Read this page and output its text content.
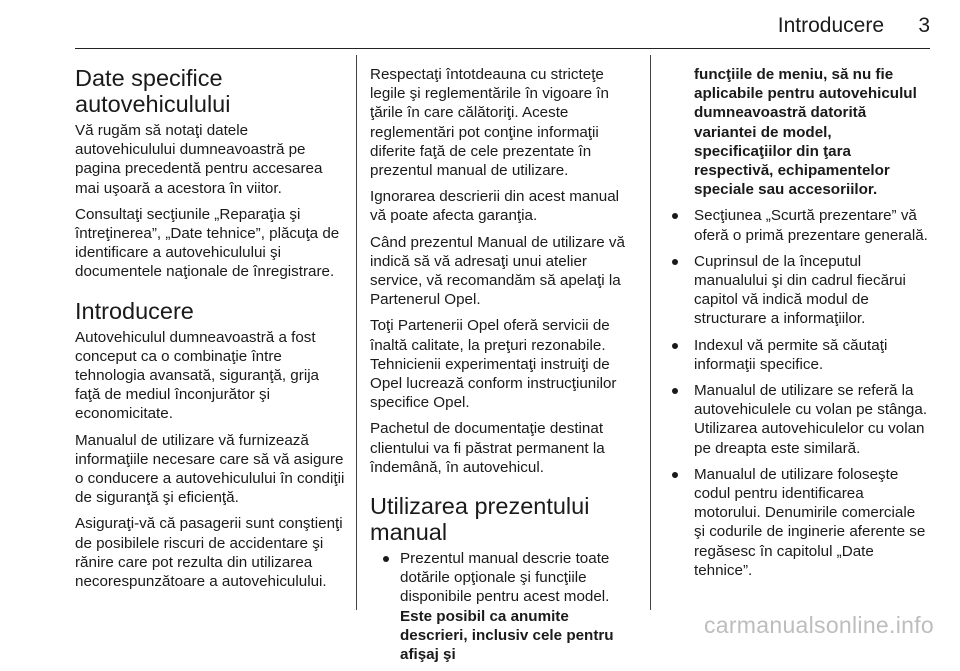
Introducere 3
Date specifice
autovehiculului

Vă rugăm să notaţi datele autovehiculului dumneavoastră pe pagina precedentă pentru accesarea mai uşoară a acestora în viitor.

Consultaţi secţiunile „Reparaţia şi întreţinerea”, „Date tehnice”, plăcuţa de identificare a autovehiculului şi documentele naţionale de înregistrare.

Introducere

Autovehiculul dumneavoastră a fost conceput ca o combinaţie între tehnologia avansată, siguranţă, grija faţă de mediul înconjurător şi economicitate.

Manualul de utilizare vă furnizează informaţiile necesare care să vă asigure o conducere a autovehiculului în condiţii de siguranţă şi eficienţă.

Asiguraţi-vă că pasagerii sunt conştienţi de posibilele riscuri de accidentare şi rănire care pot rezulta din utilizarea necorespunzătoare a autovehiculului.

Respectaţi întotdeauna cu stricteţe legile şi reglementările în vigoare în ţările în care călătoriţi. Aceste reglementări pot conţine informaţii diferite faţă de cele prezentate în prezentul manual de utilizare.

Ignorarea descrierii din acest manual vă poate afecta garanţia.

Când prezentul Manual de utilizare vă indică să vă adresaţi unui atelier service, vă recomandăm să apelaţi la Partenerul Opel.

Toţi Partenerii Opel oferă servicii de înaltă calitate, la preţuri rezonabile. Tehnicienii experimentaţi instruiţi de Opel lucrează conform instrucţiunilor specifice Opel.

Pachetul de documentaţie destinat clientului va fi păstrat permanent la îndemână, în autovehicul.

Utilizarea prezentului
manual
Prezentul manual descrie toate dotările opţionale şi funcţiile disponibile pentru acest model. Este posibil ca anumite descrieri, inclusiv cele pentru afişaj şi
funcţiile de meniu, să nu fie aplicabile pentru autovehiculul dumneavoastră datorită variantei de model, specificaţiilor din ţara respectivă, echipamentelor speciale sau accesoriilor.
Secţiunea „Scurtă prezentare” vă oferă o primă prezentare generală.
Cuprinsul de la începutul manualului şi din cadrul fiecărui capitol vă indică modul de structurare a informaţiilor.
Indexul vă permite să căutaţi informaţii specifice.
Manualul de utilizare se referă la autovehiculele cu volan pe stânga. Utilizarea autovehiculelor cu volan pe dreapta este similară.
Manualul de utilizare foloseşte codul pentru identificarea motorului. Denumirile comerciale şi codurile de inginerie aferente se regăsesc în capitolul „Date tehnice”.
carmanualsonline.info
